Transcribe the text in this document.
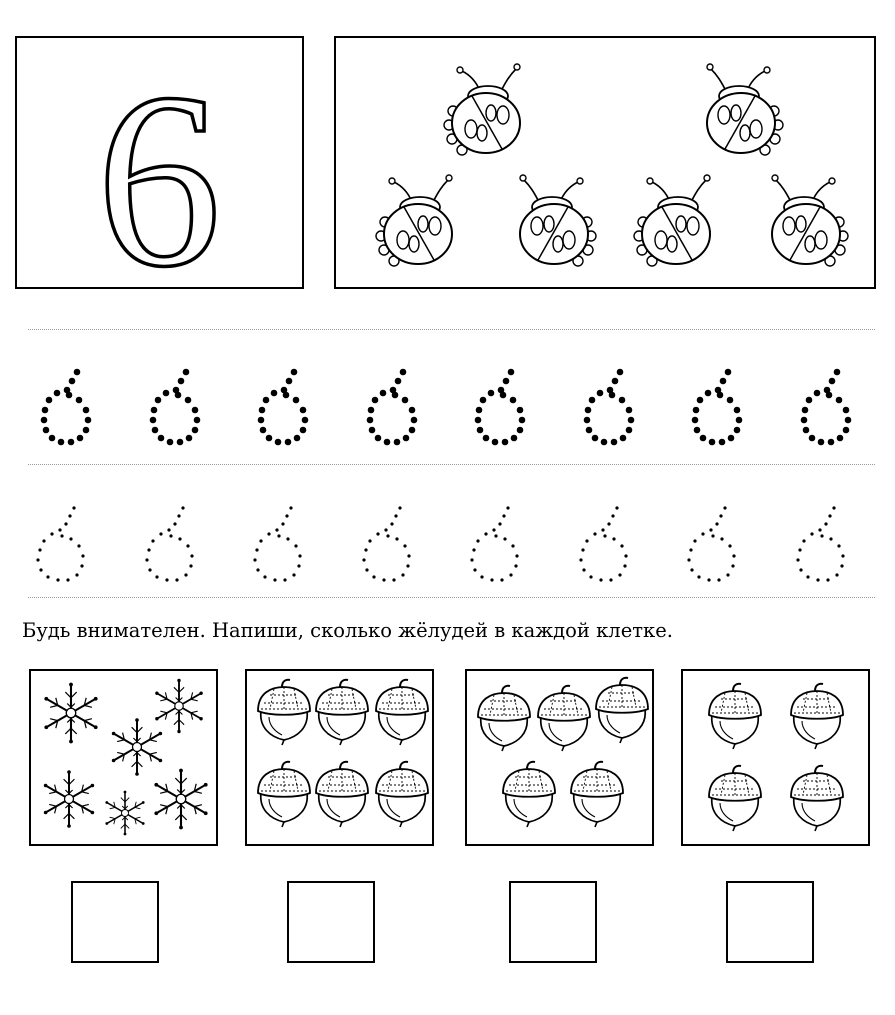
6
Будь внимателен. Напиши, сколько жёлудей в каждой клетке.
